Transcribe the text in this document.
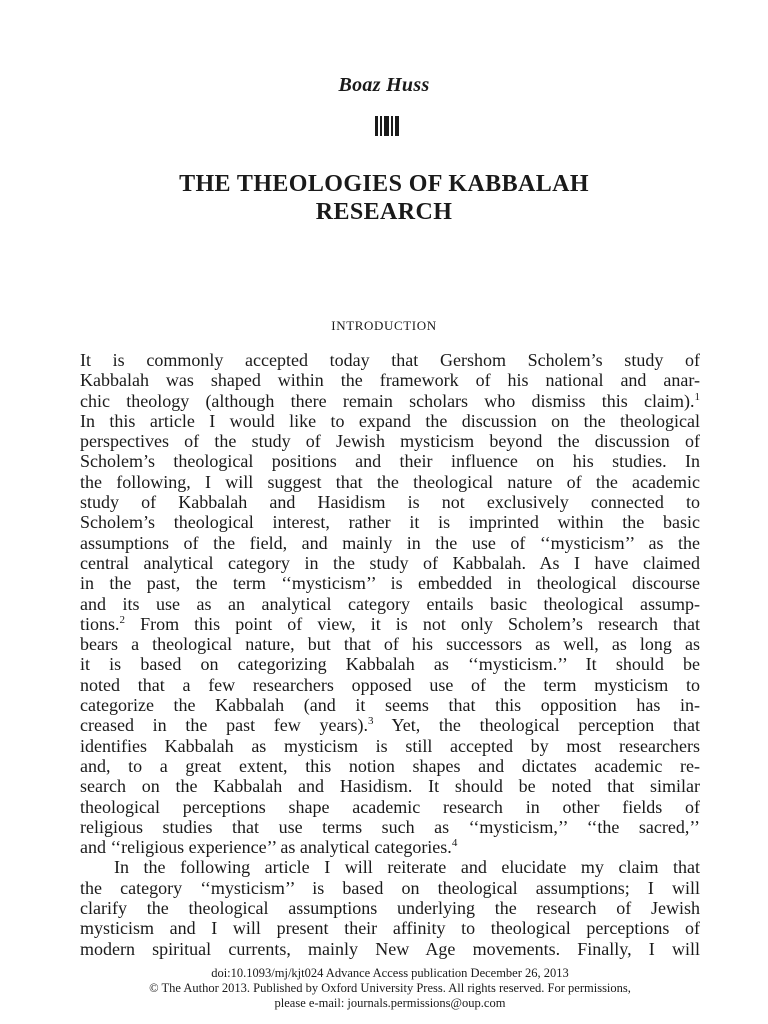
Boaz Huss
THE THEOLOGIES OF KABBALAH
RESEARCH
INTRODUCTION

It is commonly accepted today that Gershom Scholem’s study of

Kabbalah was shaped within the framework of his national and anar-

chic theology (although there remain scholars who dismiss this claim).$^1$

In this article I would like to expand the discussion on the theological

perspectives of the study of Jewish mysticism beyond the discussion of

Scholem’s theological positions and their influence on his studies. In

the following, I will suggest that the theological nature of the academic

study of Kabbalah and Hasidism is not exclusively connected to

Scholem’s theological interest, rather it is imprinted within the basic

assumptions of the field, and mainly in the use of ‘‘mysticism’’ as the

central analytical category in the study of Kabbalah. As I have claimed

in the past, the term ‘‘mysticism’’ is embedded in theological discourse

and its use as an analytical category entails basic theological assump-

tions.$^2$ From this point of view, it is not only Scholem’s research that

bears a theological nature, but that of his successors as well, as long as

it is based on categorizing Kabbalah as ‘‘mysticism.’’ It should be

noted that a few researchers opposed use of the term mysticism to

categorize the Kabbalah (and it seems that this opposition has in-

creased in the past few years).$^3$ Yet, the theological perception that

identifies Kabbalah as mysticism is still accepted by most researchers

and, to a great extent, this notion shapes and dictates academic re-

search on the Kabbalah and Hasidism. It should be noted that similar

theological perceptions shape academic research in other fields of

religious studies that use terms such as ‘‘mysticism,’’ ‘‘the sacred,’’

and ‘‘religious experience’’ as analytical categories.$^4$

In the following article I will reiterate and elucidate my claim that

the category ‘‘mysticism’’ is based on theological assumptions; I will

clarify the theological assumptions underlying the research of Jewish

mysticism and I will present their affinity to theological perceptions of

modern spiritual currents, mainly New Age movements. Finally, I will

doi:10.1093/mj/kjt024 Advance Access publication December 26, 2013
© The Author 2013. Published by Oxford University Press. All rights reserved. For permissions,
please e-mail: journals.permissions@oup.com
